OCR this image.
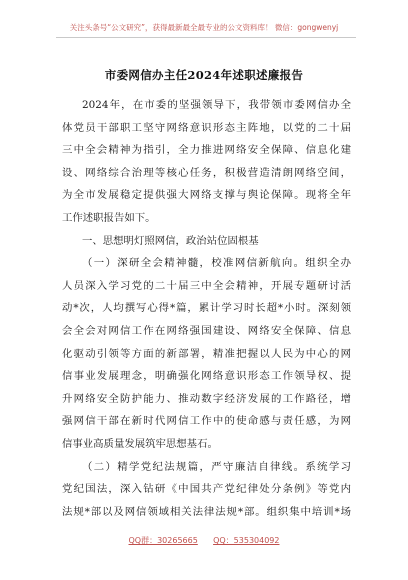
关注头条号“公文研究”，获得最新最全最专业的公文资料库！ 微信：gongwenyj
市委网信办主任2024年述职述廉报告
2024年，在市委的坚强领导下，我带领市委网信办全
体党员干部职工坚守网络意识形态主阵地，以党的二十届
三中全会精神为指引，全力推进网络安全保障、信息化建
设、网络综合治理等核心任务，积极营造清朗网络空间，
为全市发展稳定提供强大网络支撑与舆论保障。现将全年
工作述职报告如下。
一、思想明灯照网信，政治站位固根基
（一）深研全会精神髓，校准网信新航向。组织全办
人员深入学习党的二十届三中全会精神，开展专题研讨活
动*次，人均撰写心得*篇，累计学习时长超*小时。深刻领
会全会对网信工作在网络强国建设、网络安全保障、信息
化驱动引领等方面的新部署，精准把握以人民为中心的网
信事业发展理念，明确强化网络意识形态工作领导权、提
升网络安全防护能力、推动数字经济发展的工作路径，增
强网信干部在新时代网信工作中的使命感与责任感，为网
信事业高质量发展筑牢思想基石。
（二）精学党纪法规篇，严守廉洁自律线。系统学习
党纪国法，深入钻研《中国共产党纪律处分条例》等党内
法规*部以及网信领域相关法律法规*部。组织集中培训*场
QQ群：30265665 QQ：535304092
